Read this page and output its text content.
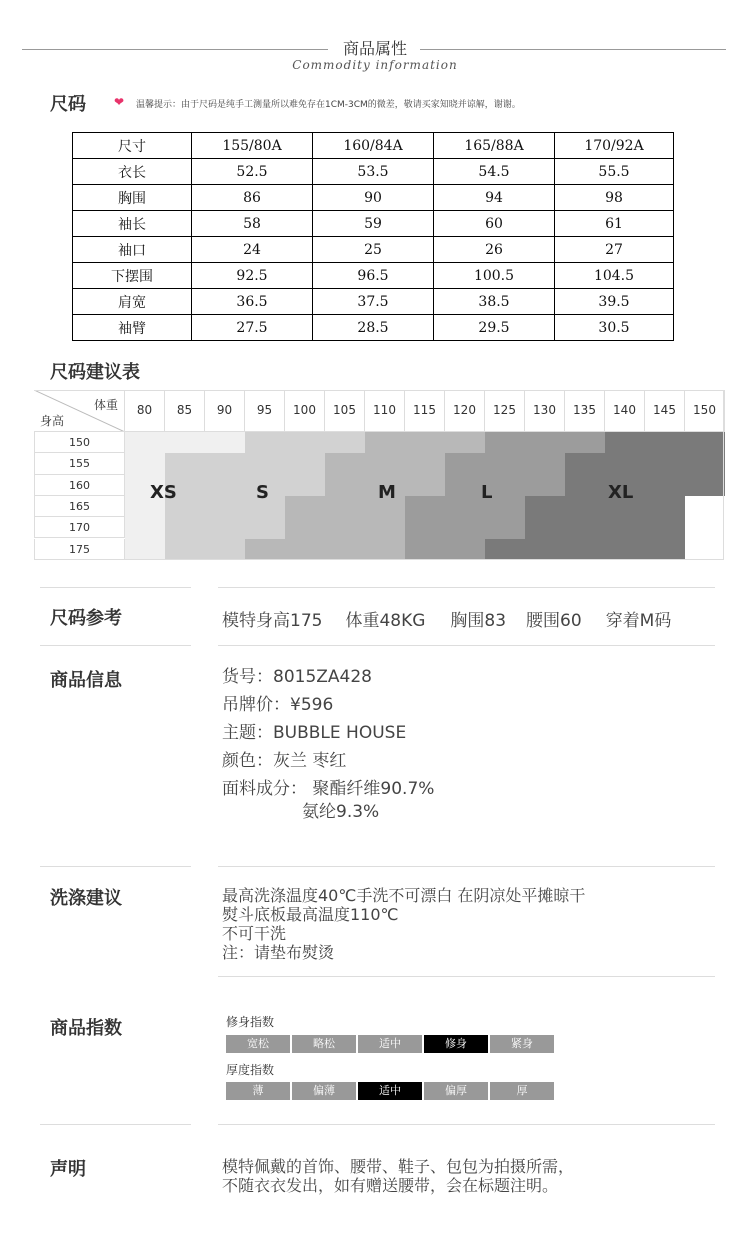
商品属性
Commodity information
尺码 ❤ 温馨提示：由于尺码是纯手工测量所以难免存在1CM-3CM的微差，敬请买家知晓并谅解，谢谢。
尺寸	155/80A	160/84A	165/88A	170/92A
衣长	52.5	53.5	54.5	55.5
胸围	86	90	94	98
袖长	58	59	60	61
袖口	24	25	26	27
下摆围	92.5	96.5	100.5	104.5
肩宽	36.5	37.5	38.5	39.5
袖臂	27.5	28.5	29.5	30.5
尺码建议表
体重
身高
80	85	90	95	100	105	110	115	120	125	130	135	140	145	150
150
155
160
165
170
175
XS	S	M	L	XL
尺码参考	模特身高175 体重48KG 胸围83 腰围60 穿着M码
商品信息	货号：8015ZA428
吊牌价：¥596
主题：BUBBLE HOUSE
颜色：灰兰 枣红
面料成分： 聚酯纤维90.7%
氨纶9.3%
洗涤建议	最高洗涤温度40℃手洗不可漂白 在阴凉处平摊晾干
熨斗底板最高温度110℃
不可干洗
注：请垫布熨烫
商品指数	修身指数
宽松	略松	适中	修身	紧身
厚度指数
薄	偏薄	适中	偏厚	厚
声明	模特佩戴的首饰、腰带、鞋子、包包为拍摄所需，
不随衣衣发出，如有赠送腰带，会在标题注明。
